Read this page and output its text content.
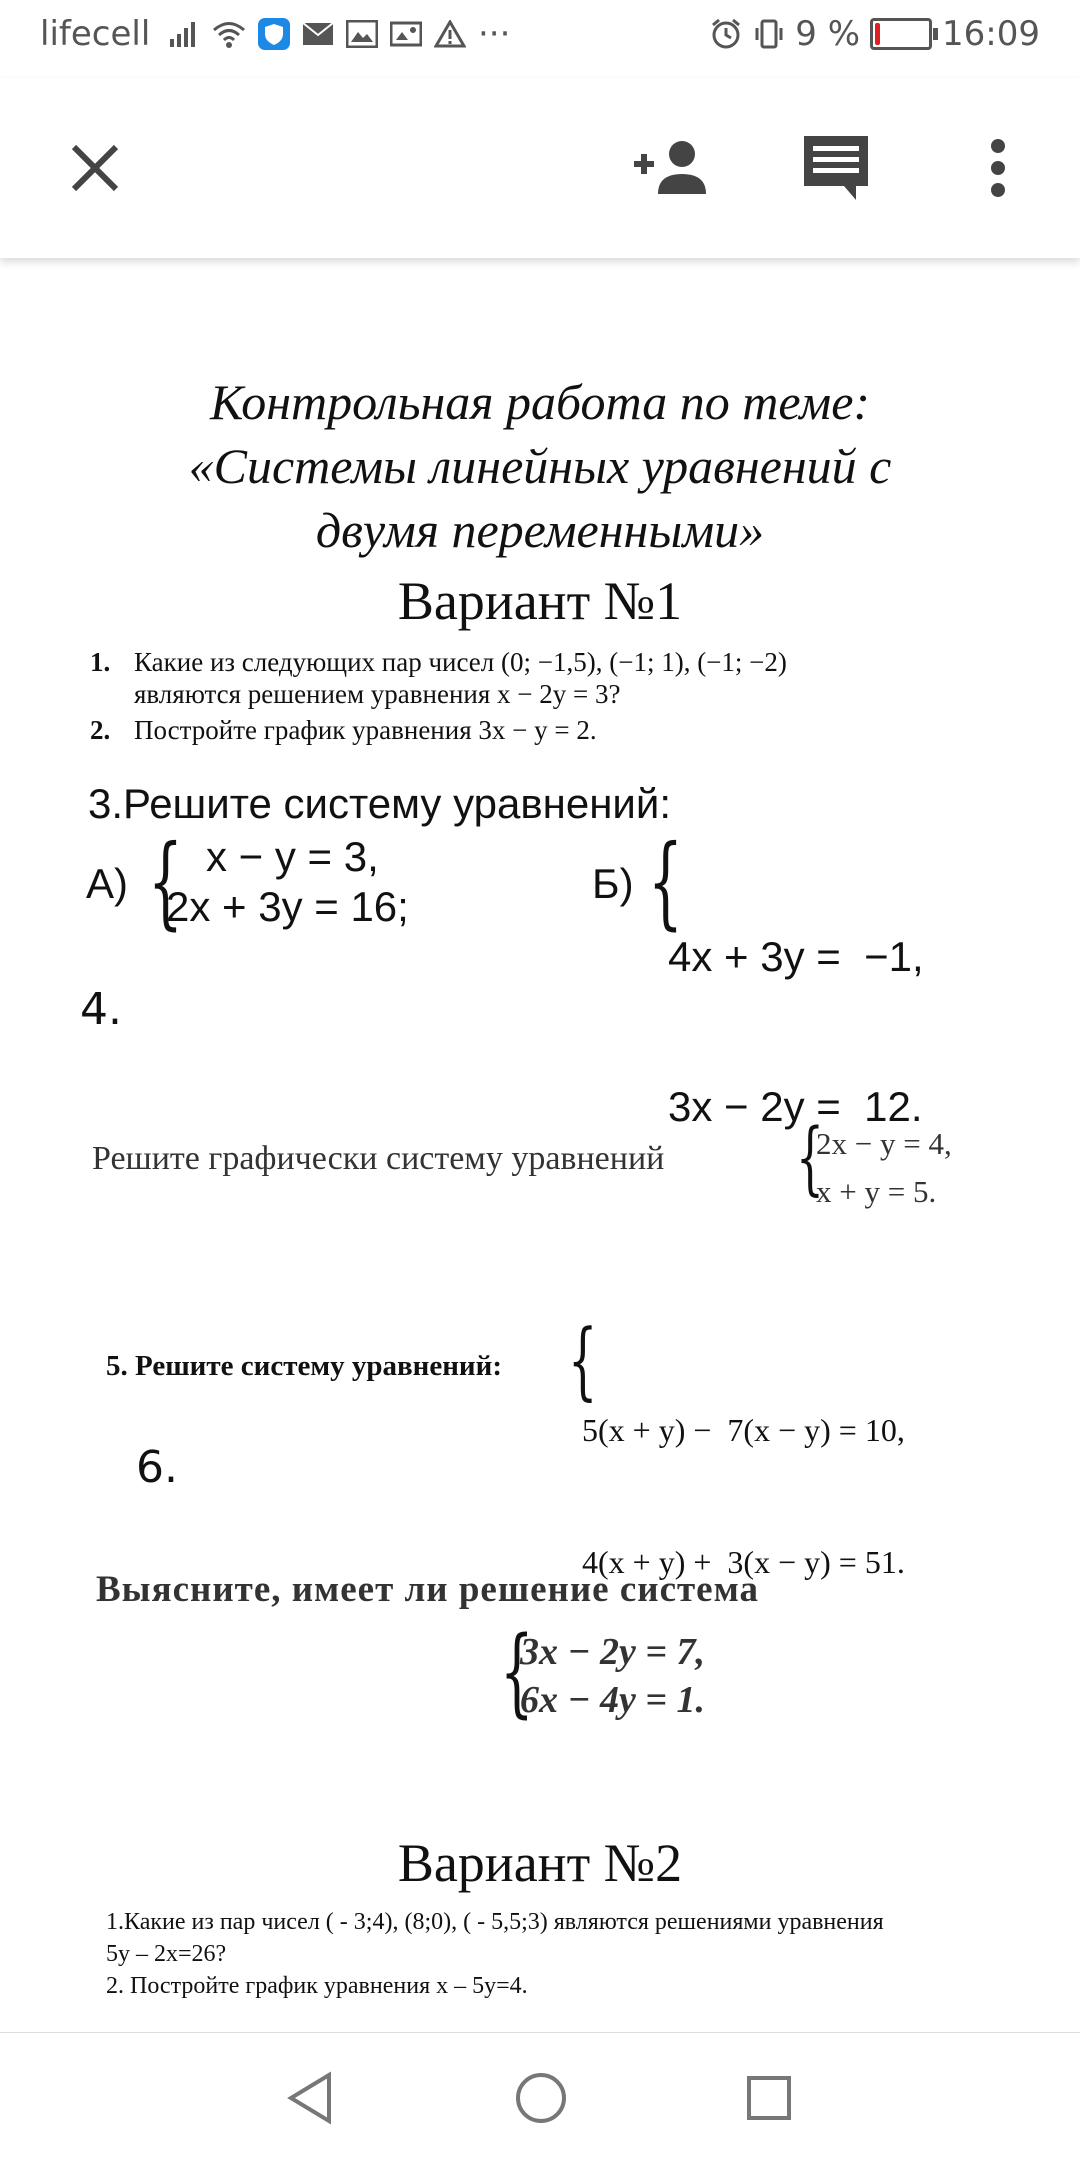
lifecell	···	9 % 16:09
Контрольная работа по теме:
«Системы линейных уравнений с
двумя переменными»
Вариант №1
1. Какие из следующих пар чисел (0; −1,5), (−1; 1), (−1; −2)
являются решением уравнения x − 2y = 3?
2. Постройте график уравнения 3x − y = 2.
3.Решите систему уравнений:
А) { x − y = 3,
2x + 3y = 16;	Б) {

4x + 3y =  −1,

3x − 2y =  12.

4.
Решите графически систему уравнений {
2x − y = 4,
x + y = 5.
5. Решите систему уравнений: {

5(x + y) −  7(x − y) = 10,

4(x + y) +  3(x − y) = 51.

6.
Выясните, имеет ли решение система
{
3x − 2y = 7,
6x − 4y = 1.
Вариант №2
1.Какие из пар чисел ( - 3;4), (8;0), ( - 5,5;3) являются решениями уравнения
5y – 2x=26?
2. Постройте график уравнения x – 5y=4.
